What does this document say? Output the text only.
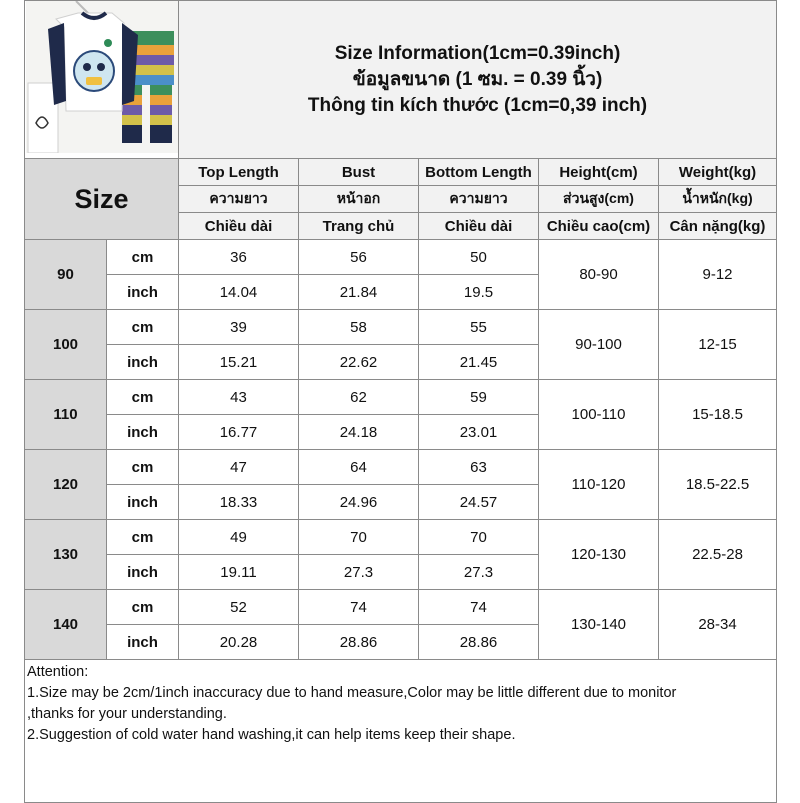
Size Information(1cm=0.39inch)
ข้อมูลขนาด (1 ซม. = 0.39 นิ้ว)
Thông tin kích thước (1cm=0,39 inch)				

Size		Top Length	Bust	Bottom Length	Height(cm)	Weight(kg)
		ความยาว	หน้าอก	ความยาว	ส่วนสูง(cm)	น้ำหนัก(kg)
		Chiều dài	Trang chủ	Chiều dài	Chiều cao(cm)	Cân nặng(kg)
90	cm	36	56	50	80-90	9-12
	inch	14.04	21.84	19.5		
100	cm	39	58	55	90-100	12-15
	inch	15.21	22.62	21.45		
110	cm	43	62	59	100-110	15-18.5
	inch	16.77	24.18	23.01		
120	cm	47	64	63	110-120	18.5-22.5
	inch	18.33	24.96	24.57		
130	cm	49	70	70	120-130	22.5-28
	inch	19.11	27.3	27.3		
140	cm	52	74	74	130-140	28-34
	inch	20.28	28.86	28.86		

Attention:
1.Size may be 2cm/1inch inaccuracy due to hand measure,Color may be little different due to monitor
,thanks for your understanding.
2.Suggestion of cold water hand washing,it can help items keep their shape.						
